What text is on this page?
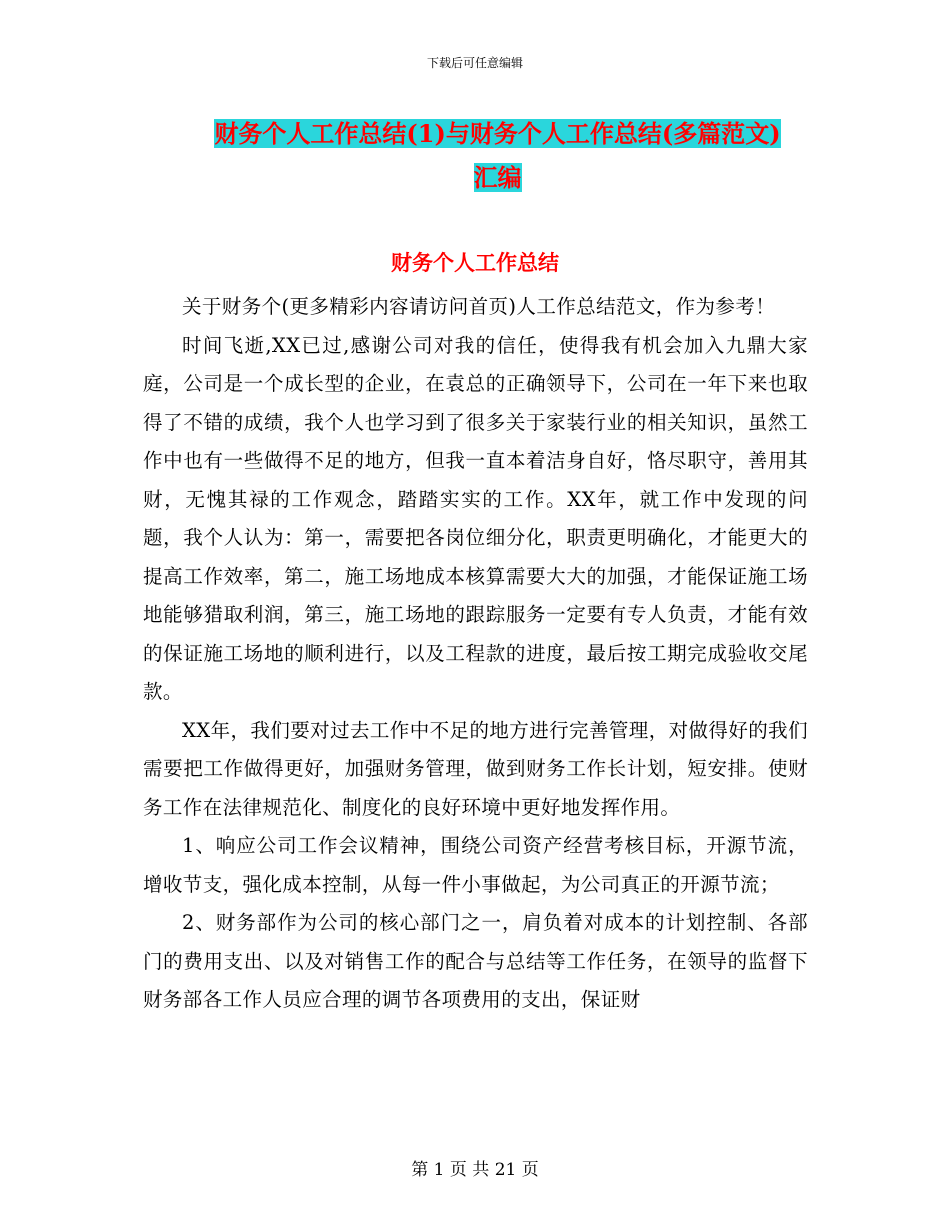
下载后可任意编辑
财务个人工作总结(1)与财务个人工作总结(多篇范文)
汇编
财务个人工作总结

关于财务个(更多精彩内容请访问首页)人工作总结范文，作为参考！

时间飞逝,XX已过,感谢公司对我的信任，使得我有机会加入九鼎大家庭，公司是一个成长型的企业，在袁总的正确领导下，公司在一年下来也取得了不错的成绩，我个人也学习到了很多关于家装行业的相关知识，虽然工作中也有一些做得不足的地方，但我一直本着洁身自好，恪尽职守，善用其财，无愧其禄的工作观念，踏踏实实的工作。XX年，就工作中发现的问题，我个人认为：第一，需要把各岗位细分化，职责更明确化，才能更大的提高工作效率，第二，施工场地成本核算需要大大的加强，才能保证施工场地能够猎取利润，第三，施工场地的跟踪服务一定要有专人负责，才能有效的保证施工场地的顺利进行，以及工程款的进度，最后按工期完成验收交尾款。

XX年，我们要对过去工作中不足的地方进行完善管理，对做得好的我们需要把工作做得更好，加强财务管理，做到财务工作长计划，短安排。使财务工作在法律规范化、制度化的良好环境中更好地发挥作用。

1、响应公司工作会议精神，围绕公司资产经营考核目标，开源节流，增收节支，强化成本控制，从每一件小事做起，为公司真正的开源节流；

2、财务部作为公司的核心部门之一，肩负着对成本的计划控制、各部门的费用支出、以及对销售工作的配合与总结等工作任务，在领导的监督下财务部各工作人员应合理的调节各项费用的支出，保证财

第 1 页 共 21 页
